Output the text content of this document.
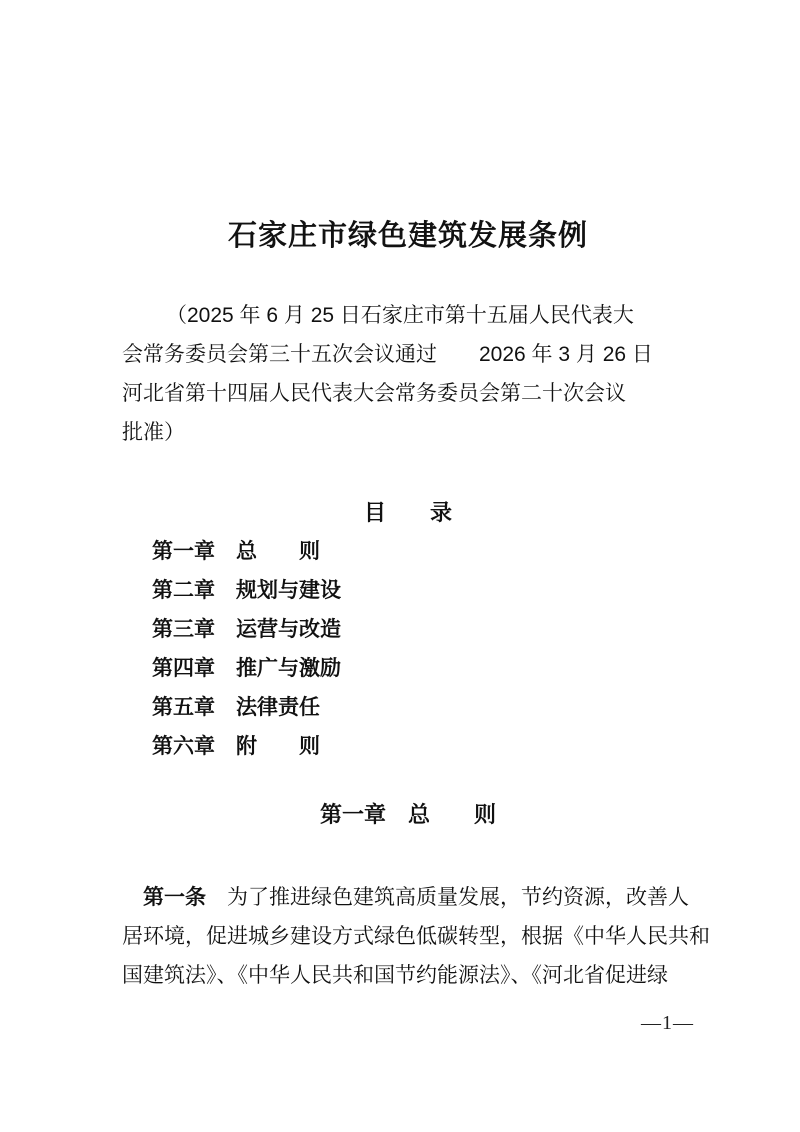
石家庄市绿色建筑发展条例
（2025 年 6 月 25 日石家庄市第十五届人民代表大
会常务委员会第三十五次会议通过　　2026 年 3 月 26 日
河北省第十四届人民代表大会常务委员会第二十次会议
批准）
目　　录
第一章　总　　则
第二章　规划与建设
第三章　运营与改造
第四章　推广与激励
第五章　法律责任
第六章　附　　则
第一章　总　　则
第一条　为了推进绿色建筑高质量发展，节约资源，改善人
居环境，促进城乡建设方式绿色低碳转型，根据《中华人民共和
国建筑法》、《中华人民共和国节约能源法》、《河北省促进绿
—1—
